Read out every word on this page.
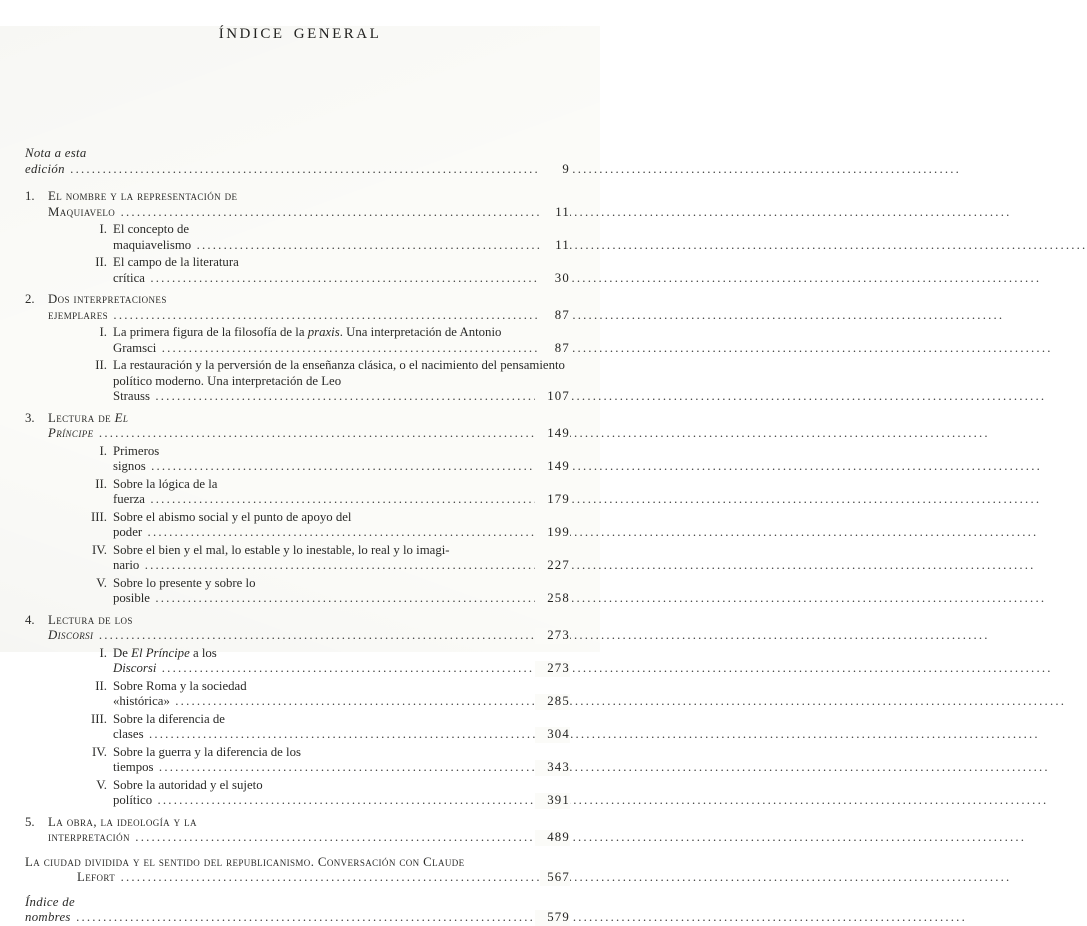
ÍNDICE GENERAL
Nota a esta edición .....	9
1. El nombre y la representación de Maquiavelo .....	11
I. El concepto de maquiavelismo .....	11
II. El campo de la literatura crítica .....	30
2. Dos interpretaciones ejemplares .....	87
I. La primera figura de la filosofía de la praxis. Una interpretación de Antonio Gramsci .....	87
II. La restauración y la perversión de la enseñanza clásica, o el nacimiento del pensamiento político moderno. Una interpretación de Leo Strauss .....	107
3. Lectura de El Príncipe .....	149
I. Primeros signos .....	149
II. Sobre la lógica de la fuerza .....	179
III. Sobre el abismo social y el punto de apoyo del poder .....	199
IV. Sobre el bien y el mal, lo estable y lo inestable, lo real y lo imaginario .....	227
V. Sobre lo presente y sobre lo posible .....	258
4. Lectura de los Discorsi .....	273
I. De El Príncipe a los Discorsi .....	273
II. Sobre Roma y la sociedad «histórica» .....	285
III. Sobre la diferencia de clases .....	304
IV. Sobre la guerra y la diferencia de los tiempos .....	343
V. Sobre la autoridad y el sujeto político .....	391
5. La obra, la ideología y la interpretación .....	489
La ciudad dividida y el sentido del republicanismo. Conversación con Claude Lefort .....	567
Índice de nombres .....	579
